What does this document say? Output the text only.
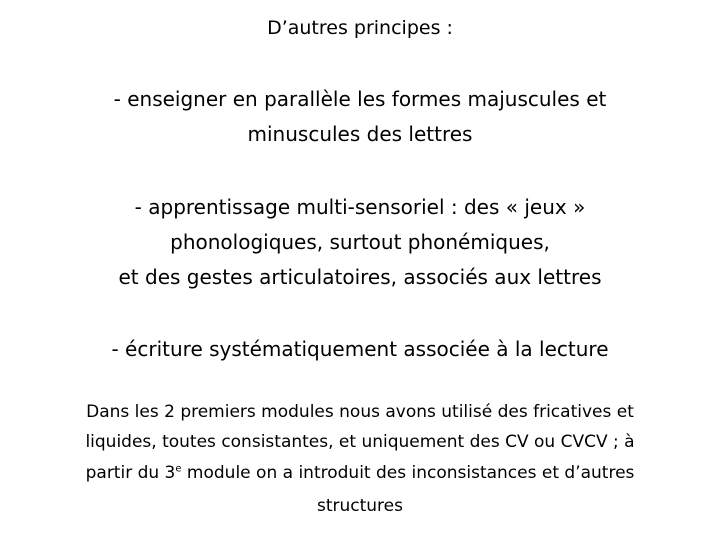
D’autres principes :
- enseigner en parallèle les formes majuscules et
minuscules des lettres
- apprentissage multi-sensoriel : des « jeux »
phonologiques, surtout phonémiques,
et des gestes articulatoires, associés aux lettres
- écriture systématiquement associée à la lecture
Dans les 2 premiers modules nous avons utilisé des fricatives et
liquides, toutes consistantes, et uniquement des CV ou CVCV ; à
partir du 3e module on a introduit des inconsistances et d’autres
structures
